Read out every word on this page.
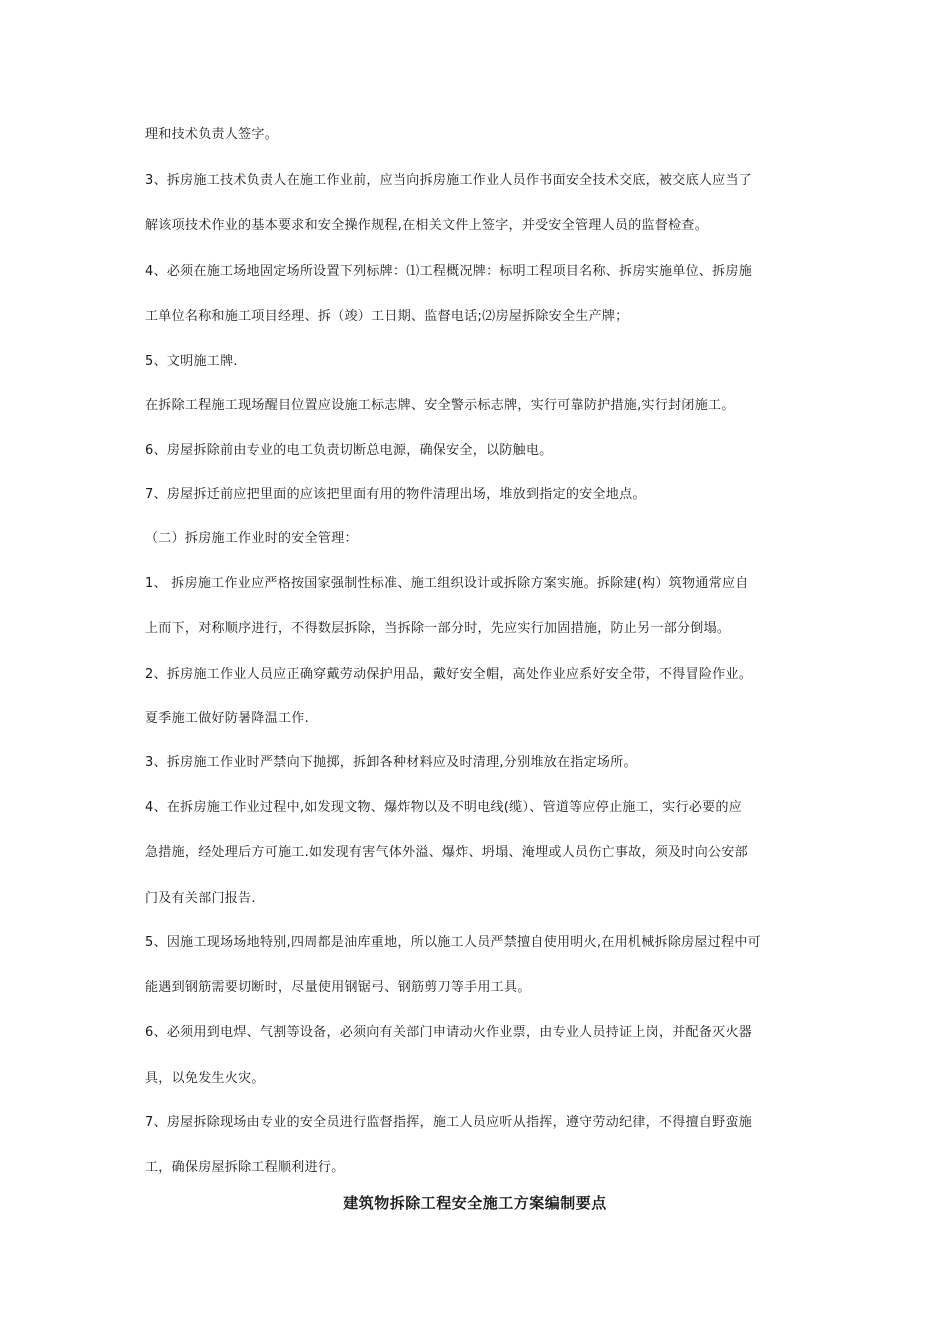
理和技术负责人签字。
3、拆房施工技术负责人在施工作业前，应当向拆房施工作业人员作书面安全技术交底，被交底人应当了
解该项技术作业的基本要求和安全操作规程,在相关文件上签字，并受安全管理人员的监督检查。
4、必须在施工场地固定场所设置下列标牌：⑴工程概况牌：标明工程项目名称、拆房实施单位、拆房施
工单位名称和施工项目经理、拆（竣）工日期、监督电话;⑵房屋拆除安全生产牌；
5、文明施工牌.
在拆除工程施工现场醒目位置应设施工标志牌、安全警示标志牌，实行可靠防护措施,实行封闭施工。
6、房屋拆除前由专业的电工负责切断总电源，确保安全，以防触电。
7、房屋拆迁前应把里面的应该把里面有用的物件清理出场，堆放到指定的安全地点。
（二）拆房施工作业时的安全管理：
1、 拆房施工作业应严格按国家强制性标准、施工组织设计或拆除方案实施。拆除建(构）筑物通常应自
上而下，对称顺序进行，不得数层拆除，当拆除一部分时，先应实行加固措施，防止另一部分倒塌。
2、拆房施工作业人员应正确穿戴劳动保护用品，戴好安全帽，高处作业应系好安全带，不得冒险作业。
夏季施工做好防暑降温工作.
3、拆房施工作业时严禁向下抛掷，拆卸各种材料应及时清理,分别堆放在指定场所。
4、在拆房施工作业过程中,如发现文物、爆炸物以及不明电线(缆）、管道等应停止施工，实行必要的应
急措施，经处理后方可施工.如发现有害气体外溢、爆炸、坍塌、淹埋或人员伤亡事故，须及时向公安部
门及有关部门报告.
5、因施工现场场地特别,四周都是油库重地，所以施工人员严禁擅自使用明火,在用机械拆除房屋过程中可
能遇到钢筋需要切断时，尽量使用钢锯弓、钢筋剪刀等手用工具。
6、必须用到电焊、气割等设备，必须向有关部门申请动火作业票，由专业人员持证上岗，并配备灭火器
具，以免发生火灾。
7、房屋拆除现场由专业的安全员进行监督指挥，施工人员应听从指挥，遵守劳动纪律，不得擅自野蛮施
工，确保房屋拆除工程顺利进行。
建筑物拆除工程安全施工方案编制要点
